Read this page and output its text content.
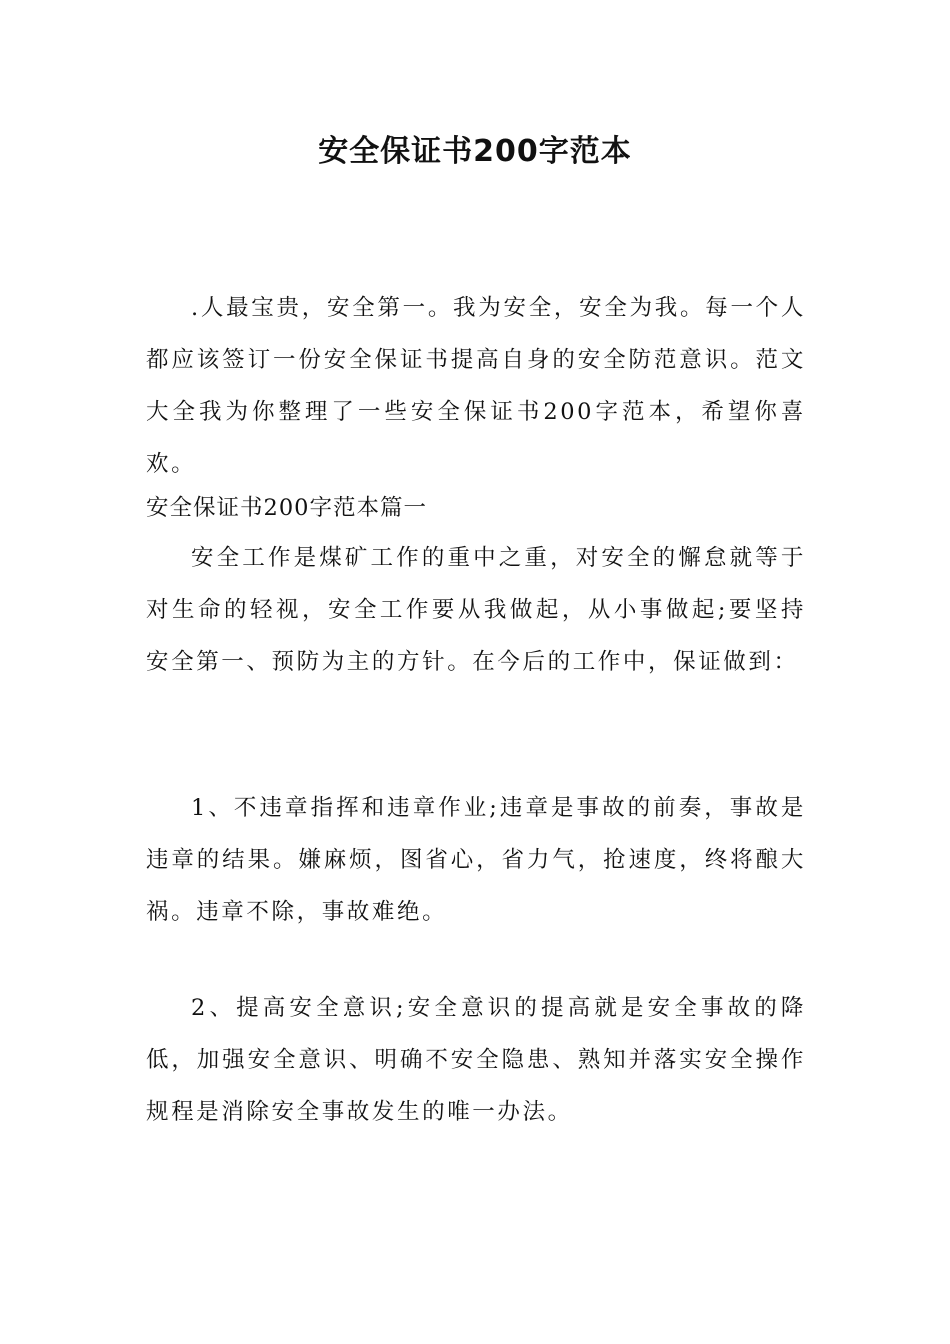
安全保证书200字范本
.人最宝贵，安全第一。我为安全，安全为我。每一个人都应该签订一份安全保证书提高自身的安全防范意识。范文大全我为你整理了一些安全保证书200字范本，希望你喜欢。
安全保证书200字范本篇一
安全工作是煤矿工作的重中之重，对安全的懈怠就等于对生命的轻视，安全工作要从我做起，从小事做起;要坚持安全第一、预防为主的方针。在今后的工作中，保证做到：
1、不违章指挥和违章作业;违章是事故的前奏，事故是违章的结果。嫌麻烦，图省心，省力气，抢速度，终将酿大祸。违章不除，事故难绝。
2、提高安全意识;安全意识的提高就是安全事故的降低，加强安全意识、明确不安全隐患、熟知并落实安全操作规程是消除安全事故发生的唯一办法。
